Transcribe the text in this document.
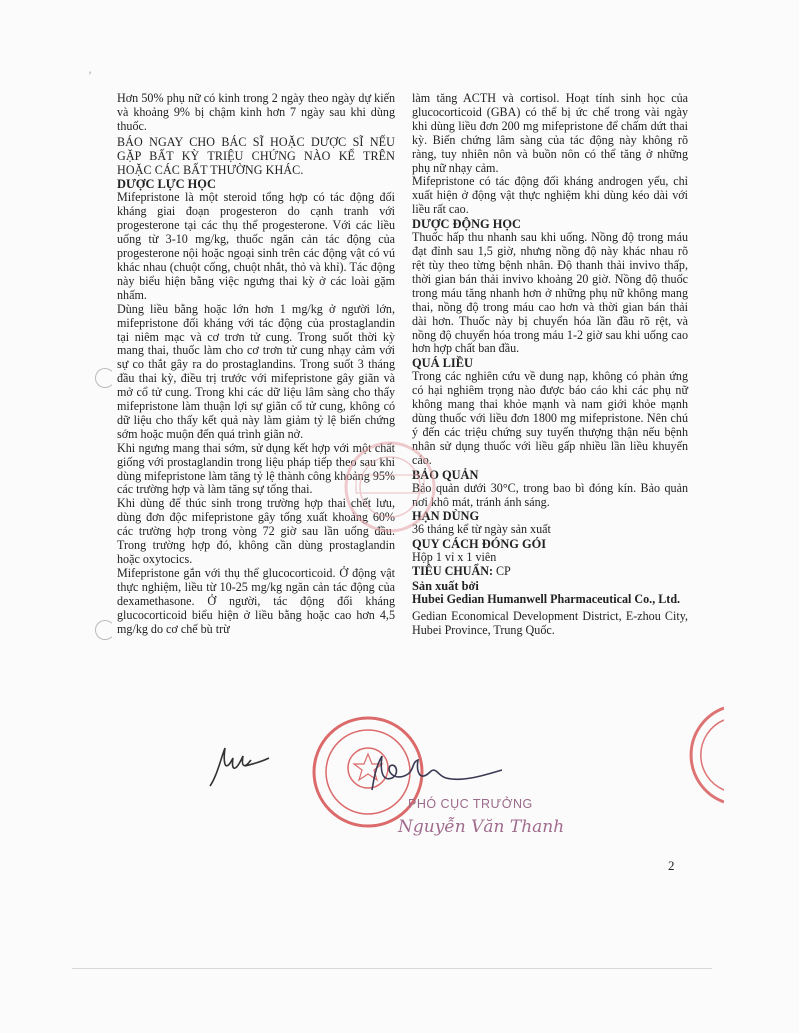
’

Hơn 50% phụ nữ có kinh trong 2 ngày theo ngày dự kiến và khoảng 9% bị chậm kinh hơn 7 ngày sau khi dùng thuốc.

BÁO NGAY CHO BÁC SĨ HOẶC DƯỢC SĨ NẾU GẶP BẤT KỲ TRIỆU CHỨNG NÀO KỂ TRÊN HOẶC CÁC BẤT THƯỜNG KHÁC.

DƯỢC LỰC HỌC

Mifepristone là một steroid tổng hợp có tác động đối kháng giai đoạn progesteron do cạnh tranh với progesterone tại các thụ thể progesterone. Với các liều uống từ 3-10 mg/kg, thuốc ngăn cản tác động của progesterone nội hoặc ngoại sinh trên các động vật có vú khác nhau (chuột cống, chuột nhắt, thỏ và khỉ). Tác động này biểu hiện bằng việc ngưng thai kỳ ở các loài gặm nhấm.

Dùng liều bằng hoặc lớn hơn 1 mg/kg ở người lớn, mifepristone đối kháng với tác động của prostaglandin tại niêm mạc và cơ trơn tử cung. Trong suốt thời kỳ mang thai, thuốc làm cho cơ trơn tử cung nhạy cảm với sự co thắt gây ra do prostaglandins. Trong suốt 3 tháng đầu thai kỳ, điều trị trước với mifepristone gây giãn và mở cổ tử cung. Trong khi các dữ liệu lâm sàng cho thấy mifepristone làm thuận lợi sự giãn cổ tử cung, không có dữ liệu cho thấy kết quả này làm giảm tỷ lệ biến chứng sớm hoặc muộn đến quá trình giãn nở.

Khi ngưng mang thai sớm, sử dụng kết hợp với một chất giống với prostaglandin trong liệu pháp tiếp theo sau khi dùng mifepristone làm tăng tỷ lệ thành công khoảng 95% các trường hợp và làm tăng sự tống thai.

Khi dùng để thúc sinh trong trường hợp thai chết lưu, dùng đơn độc mifepristone gây tống xuất khoảng 60% các trường hợp trong vòng 72 giờ sau lần uống đầu. Trong trường hợp đó, không cần dùng prostaglandin hoặc oxytocics.

Mifepristone gắn với thụ thể glucocorticoid. Ở động vật thực nghiệm, liều từ 10-25 mg/kg ngăn cản tác động của dexamethasone. Ở người, tác động đối kháng glucocorticoid biểu hiện ở liều bằng hoặc cao hơn 4,5 mg/kg do cơ chế bù trừ

làm tăng ACTH và cortisol. Hoạt tính sinh học của glucocorticoid (GBA) có thể bị ức chế trong vài ngày khi dùng liều đơn 200 mg mifepristone để chấm dứt thai kỳ. Biến chứng lâm sàng của tác động này không rõ ràng, tuy nhiên nôn và buồn nôn có thể tăng ở những phụ nữ nhạy cảm.

Mifepristone có tác động đối kháng androgen yếu, chỉ xuất hiện ở động vật thực nghiệm khi dùng kéo dài với liều rất cao.

DƯỢC ĐỘNG HỌC

Thuốc hấp thu nhanh sau khi uống. Nồng độ trong máu đạt đỉnh sau 1,5 giờ, nhưng nồng độ này khác nhau rõ rệt tùy theo từng bệnh nhân. Độ thanh thải invivo thấp, thời gian bán thải invivo khoảng 20 giờ. Nồng độ thuốc trong máu tăng nhanh hơn ở những phụ nữ không mang thai, nồng độ trong máu cao hơn và thời gian bán thải dài hơn. Thuốc này bị chuyển hóa lần đầu rõ rệt, và nồng độ chuyển hóa trong máu 1-2 giờ sau khi uống cao hơn hợp chất ban đầu.

QUÁ LIỀU

Trong các nghiên cứu về dung nạp, không có phản ứng có hại nghiêm trọng nào được báo cáo khi các phụ nữ không mang thai khỏe mạnh và nam giới khỏe mạnh dùng thuốc với liều đơn 1800 mg mifepristone. Nên chú ý đến các triệu chứng suy tuyến thượng thận nếu bệnh nhân sử dụng thuốc với liều gấp nhiều lần liều khuyến cáo.

BẢO QUẢN

Bảo quản dưới 30°C, trong bao bì đóng kín. Bảo quản nơi khô mát, tránh ánh sáng.

HẠN DÙNG

36 tháng kể từ ngày sản xuất

QUY CÁCH ĐÓNG GÓI

Hộp 1 vỉ x 1 viên

TIÊU CHUẨN: CP

Sản xuất bởi

Hubei Gedian Humanwell Pharmaceutical Co., Ltd.

Gedian Economical Development District, E-zhou City, Hubei Province, Trung Quốc.

PHÓ CỤC TRƯỞNG
Nguyễn Văn Thanh
2
